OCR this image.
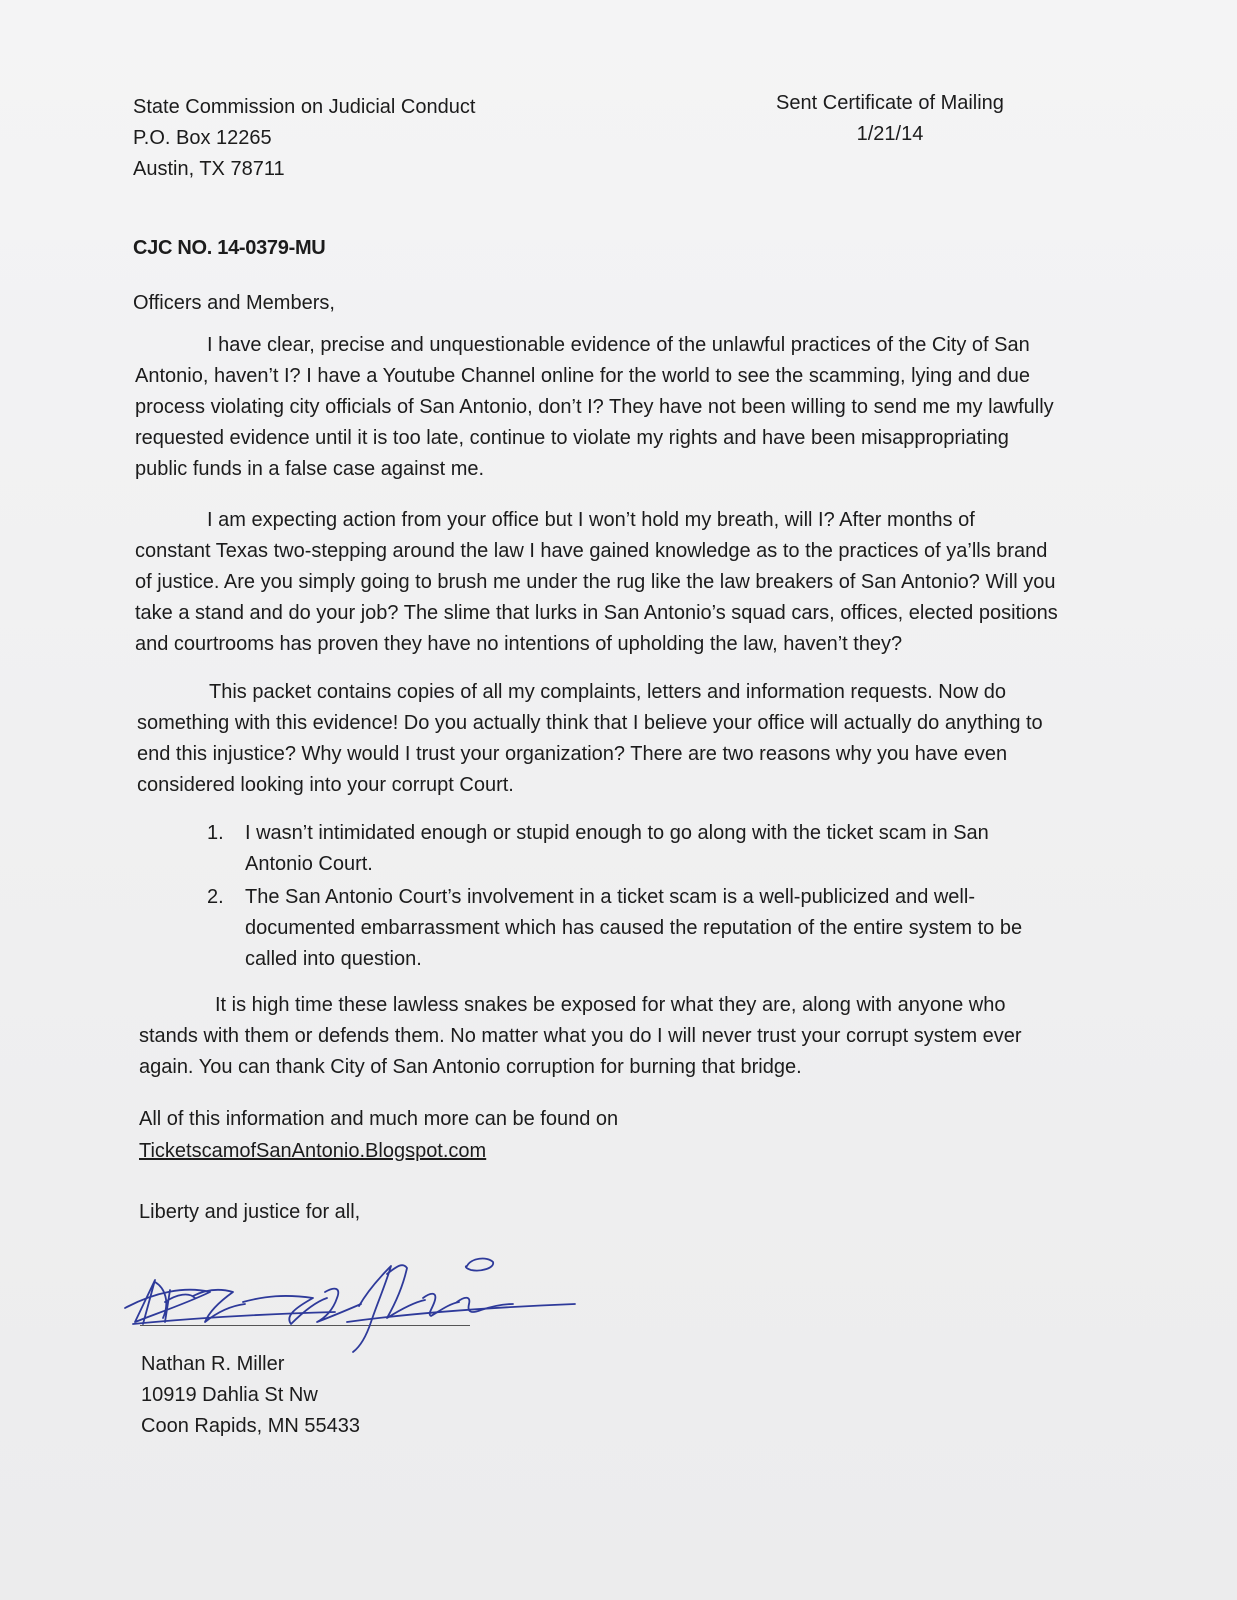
State Commission on Judicial Conduct
P.O. Box 12265
Austin, TX 78711
Sent Certificate of Mailing
1/21/14
CJC NO. 14-0379-MU
Officers and Members,
I have clear, precise and unquestionable evidence of the unlawful practices of the City of San
Antonio, haven’t I? I have a Youtube Channel online for the world to see the scamming, lying and due
process violating city officials of San Antonio, don’t I? They have not been willing to send me my lawfully
requested evidence until it is too late, continue to violate my rights and have been misappropriating
public funds in a false case against me.
I am expecting action from your office but I won’t hold my breath, will I? After months of
constant Texas two-stepping around the law I have gained knowledge as to the practices of ya’lls brand
of justice. Are you simply going to brush me under the rug like the law breakers of San Antonio? Will you
take a stand and do your job? The slime that lurks in San Antonio’s squad cars, offices, elected positions
and courtrooms has proven they have no intentions of upholding the law, haven’t they?
This packet contains copies of all my complaints, letters and information requests. Now do
something with this evidence! Do you actually think that I believe your office will actually do anything to
end this injustice? Why would I trust your organization? There are two reasons why you have even
considered looking into your corrupt Court.
1. I wasn’t intimidated enough or stupid enough to go along with the ticket scam in San
Antonio Court.
2. The San Antonio Court’s involvement in a ticket scam is a well-publicized and well-
documented embarrassment which has caused the reputation of the entire system to be
called into question.
It is high time these lawless snakes be exposed for what they are, along with anyone who
stands with them or defends them. No matter what you do I will never trust your corrupt system ever
again. You can thank City of San Antonio corruption for burning that bridge.
All of this information and much more can be found on
TicketscamofSanAntonio.Blogspot.com
Liberty and justice for all,
Nathan R. Miller
10919 Dahlia St Nw
Coon Rapids, MN 55433
